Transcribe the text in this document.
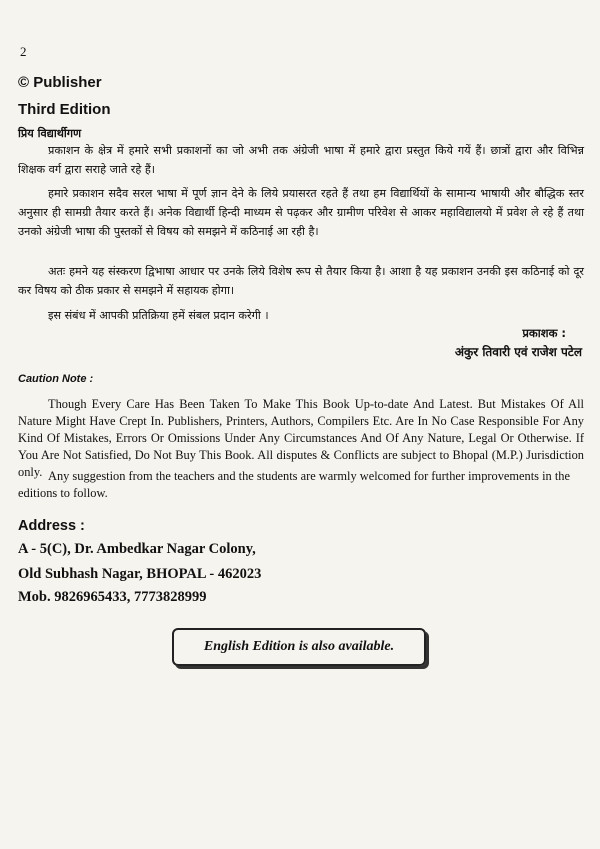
2
© Publisher
Third Edition
प्रिय विद्यार्थीगण
प्रकाशन के क्षेत्र में हमारे सभी प्रकाशनों का जो अभी तक अंग्रेजी भाषा में हमारे द्वारा प्रस्तुत किये गयें हैं। छात्रों द्वारा और विभिन्न शिक्षक वर्ग द्वारा सराहे जाते रहे हैं।
हमारे प्रकाशन सदैव सरल भाषा में पूर्ण ज्ञान देने के लिये प्रयासरत रहते हैं तथा हम विद्यार्थियों के सामान्य भाषायी और बौद्धिक स्तर अनुसार ही सामग्री तैयार करते हैं। अनेक विद्यार्थी हिन्दी माध्यम से पढ़कर और ग्रामीण परिवेश से आकर महाविद्यालयो में प्रवेश ले रहे हैं तथा उनको अंग्रेजी भाषा की पुस्तकों से विषय को समझने में कठिनाई आ रही है।
अतः हमने यह संस्करण द्विभाषा आधार पर उनके लिये विशेष रूप से तैयार किया है। आशा है यह प्रकाशन उनकी इस कठिनाई को दूर कर विषय को ठीक प्रकार से समझने में सहायक होगा।
इस संबंध में आपकी प्रतिक्रिया हमें संबल प्रदान करेगी ।
प्रकाशक :
अंकुर तिवारी एवं राजेश पटेल
Caution Note :
Though Every Care Has Been Taken To Make This Book Up-to-date And Latest. But Mistakes Of All Nature Might Have Crept In. Publishers, Printers, Authors, Compilers Etc. Are In No Case Responsible For Any Kind Of Mistakes, Errors Or Omissions Under Any Circumstances And Of Any Nature, Legal Or Otherwise. If You Are Not Satisfied, Do Not Buy This Book. All disputes & Conflicts are subject to Bhopal (M.P.) Jurisdiction only. Any suggestion from the teachers and the students are warmly welcomed for further improvements in the editions to follow.
Address :
A - 5(C), Dr. Ambedkar Nagar Colony,
Old Subhash Nagar, BHOPAL - 462023
Mob. 9826965433, 7773828999
English Edition is also available.
